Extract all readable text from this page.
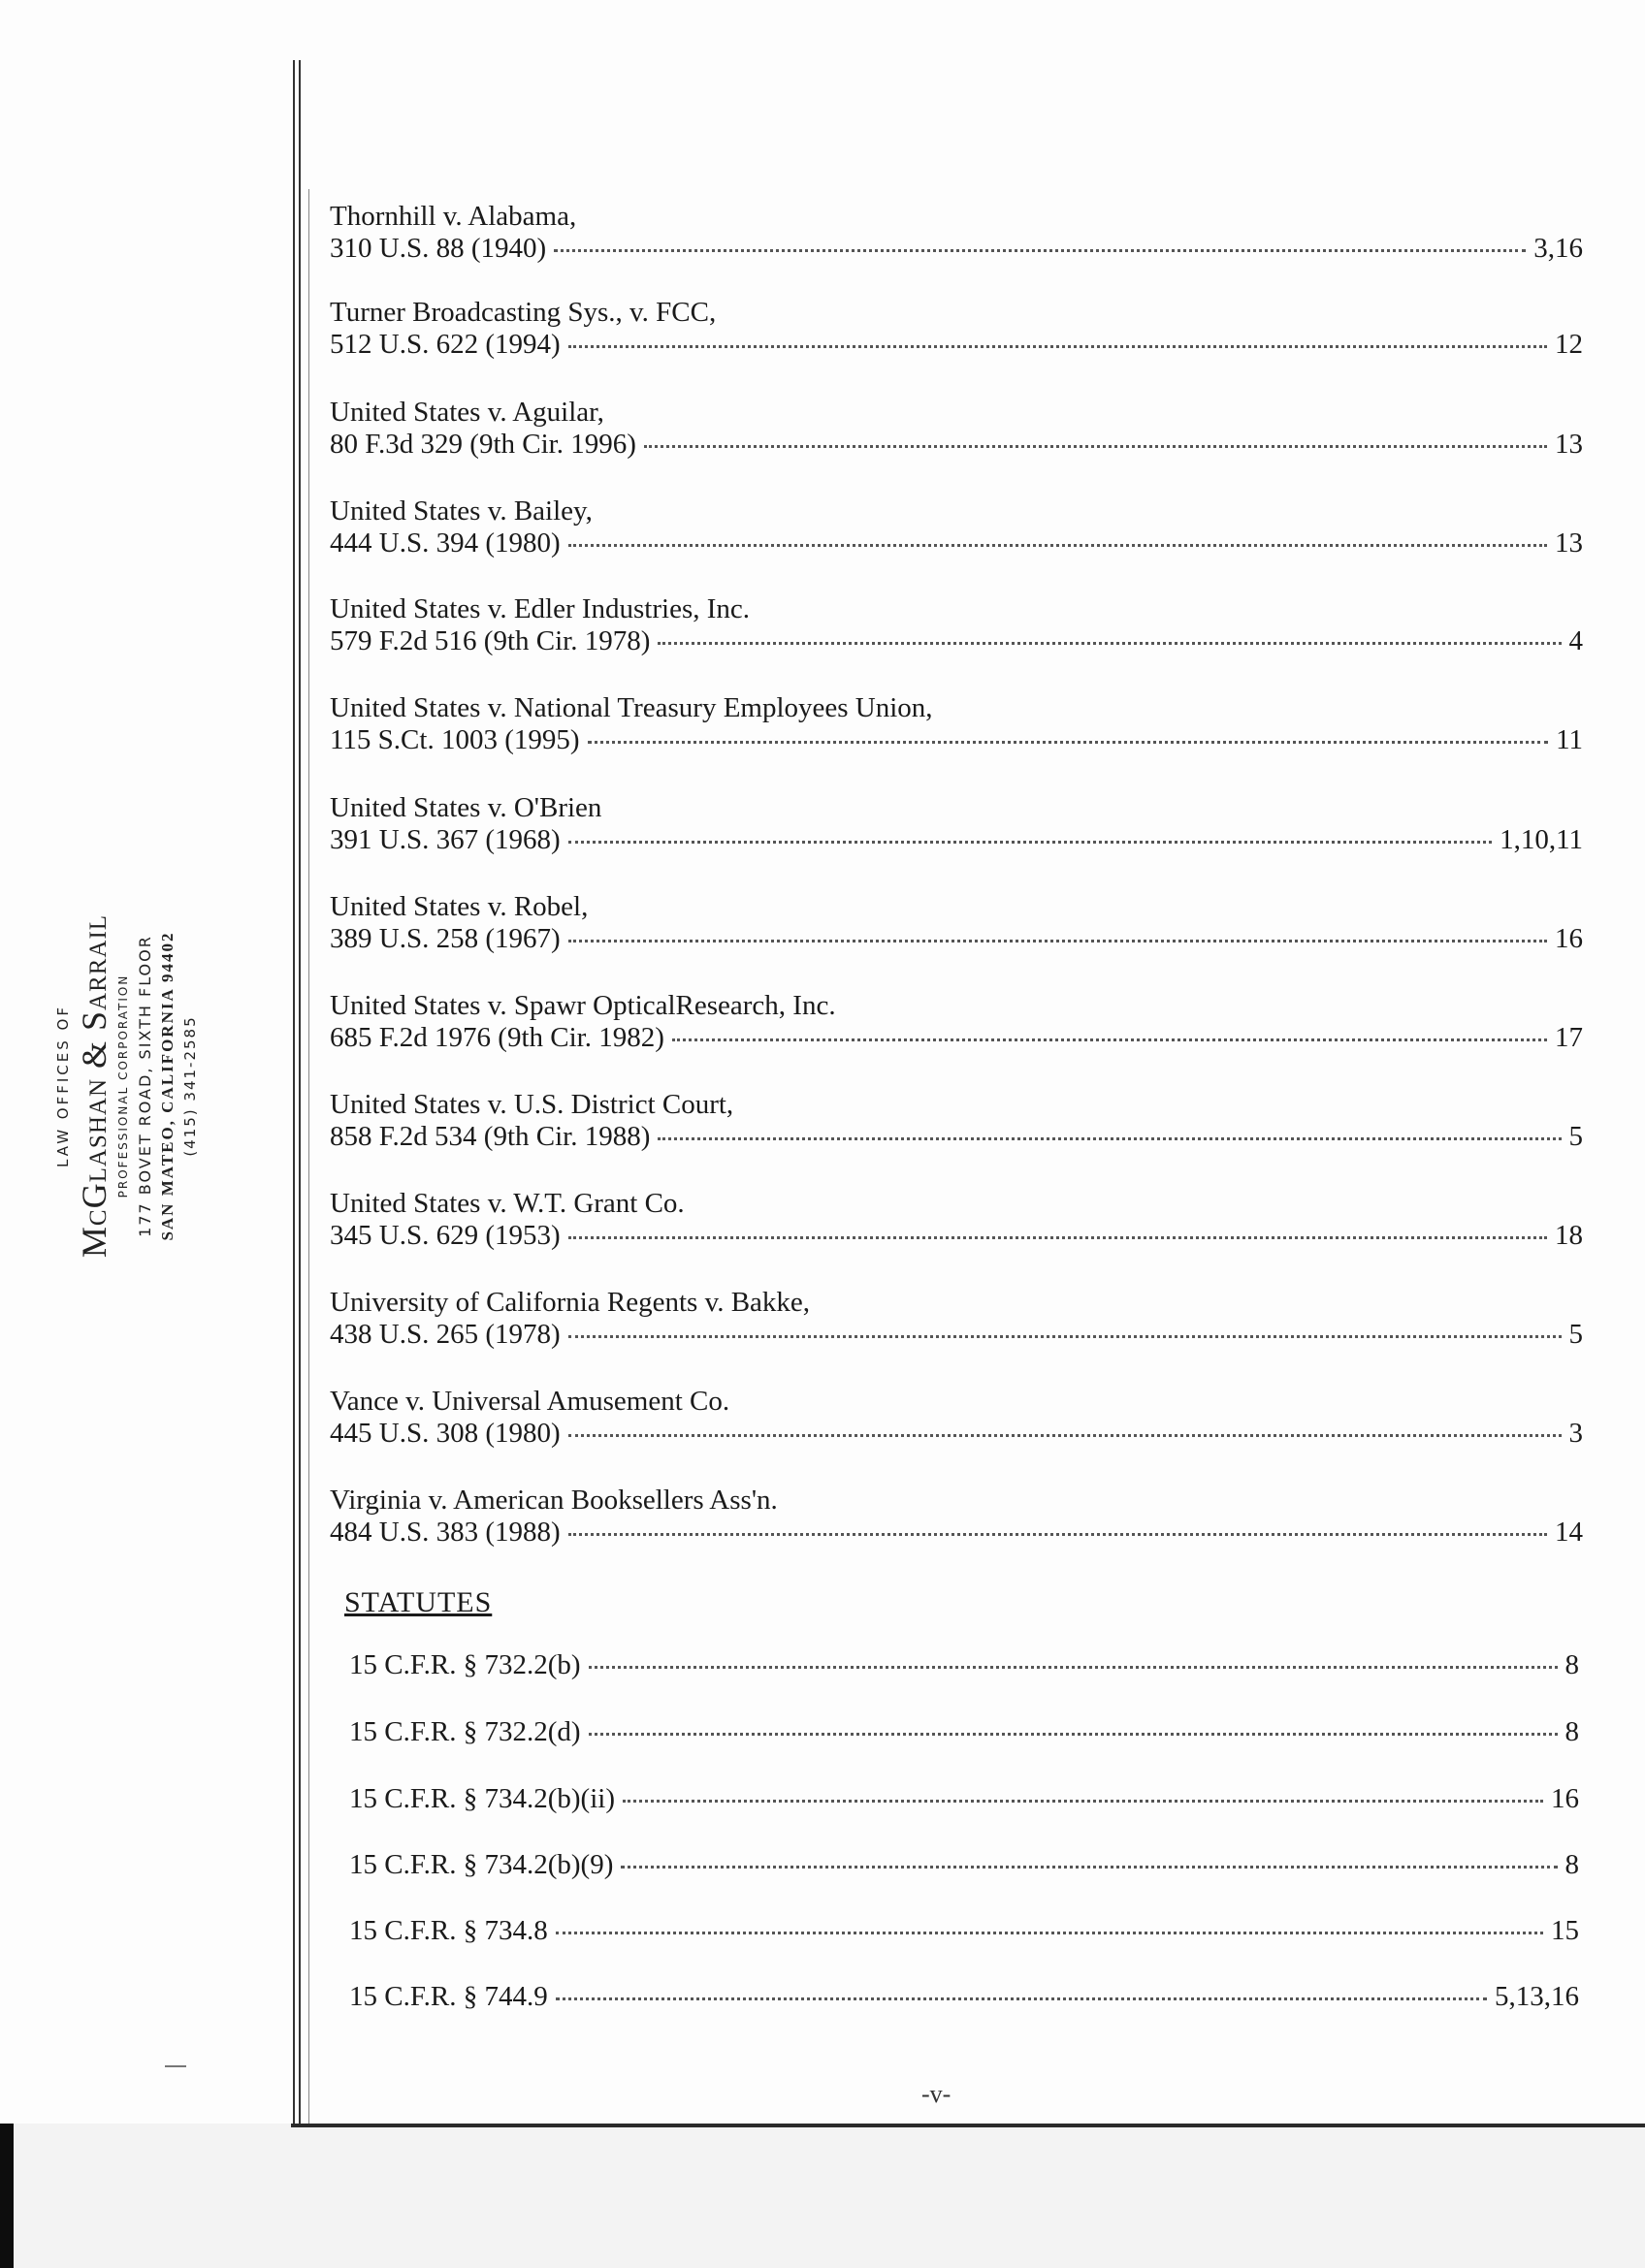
LAW OFFICES OF McGlashan & Sarrail PROFESSIONAL CORPORATION 177 BOVET ROAD, SIXTH FLOOR SAN MATEO, CALIFORNIA 94402 (415) 341-2585
Thornhill v. Alabama,
310 U.S. 88 (1940)	3,16
Turner Broadcasting Sys., v. FCC,
512 U.S. 622 (1994)	12
United States v. Aguilar,
80 F.3d 329 (9th Cir. 1996)	13
United States v. Bailey,
444 U.S. 394 (1980)	13
United States v. Edler Industries, Inc.
579 F.2d 516 (9th Cir. 1978)	4
United States v. National Treasury Employees Union,
115 S.Ct. 1003 (1995)	11
United States v. O'Brien
391 U.S. 367 (1968)	1,10,11
United States v. Robel,
389 U.S. 258 (1967)	16
United States v. Spawr OpticalResearch, Inc.
685 F.2d 1976 (9th Cir. 1982)	17
United States v. U.S. District Court,
858 F.2d 534 (9th Cir. 1988)	5
United States v. W.T. Grant Co.
345 U.S. 629 (1953)	18
University of California Regents v. Bakke,
438 U.S. 265 (1978)	5
Vance v. Universal Amusement Co.
445 U.S. 308 (1980)	3
Virginia v. American Booksellers Ass'n.
484 U.S. 383 (1988)	14
STATUTES
15 C.F.R. § 732.2(b)	8
15 C.F.R. § 732.2(d)	8
15 C.F.R. § 734.2(b)(ii)	16
15 C.F.R. § 734.2(b)(9)	8
15 C.F.R. § 734.8	15
15 C.F.R. § 744.9	5,13,16
-v-
